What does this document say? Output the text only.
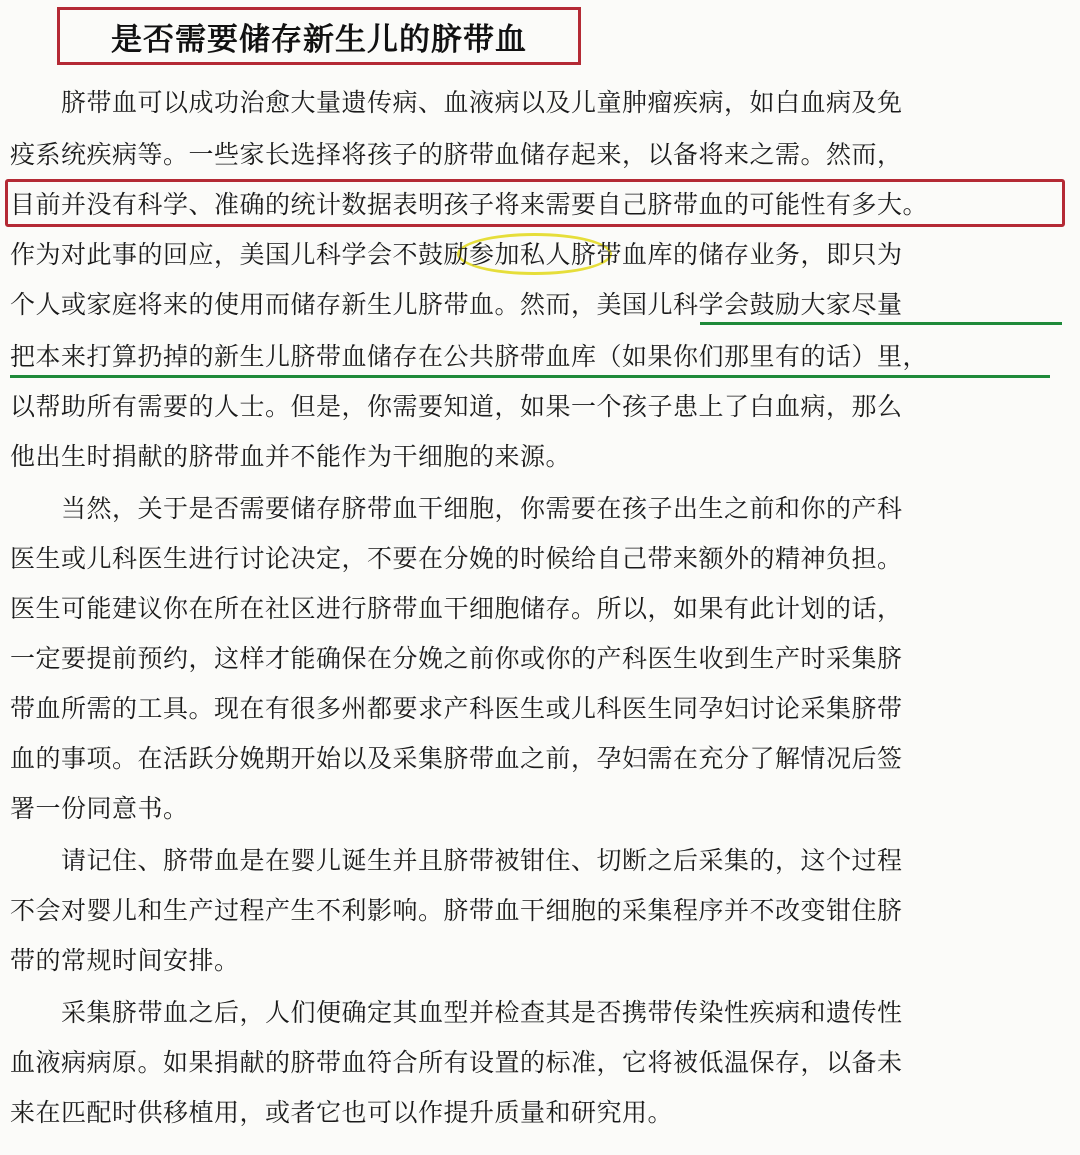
是否需要储存新生儿的脐带血
　　脐带血可以成功治愈大量遗传病、血液病以及儿童肿瘤疾病，如白血病及免
疫系统疾病等。一些家长选择将孩子的脐带血储存起来，以备将来之需。然而，
目前并没有科学、准确的统计数据表明孩子将来需要自己脐带血的可能性有多大。
作为对此事的回应，美国儿科学会不鼓励参加私人脐带血库的储存业务，即只为
个人或家庭将来的使用而储存新生儿脐带血。然而，美国儿科学会鼓励大家尽量
把本来打算扔掉的新生儿脐带血储存在公共脐带血库（如果你们那里有的话）里，
以帮助所有需要的人士。但是，你需要知道，如果一个孩子患上了白血病，那么
他出生时捐献的脐带血并不能作为干细胞的来源。
　　当然，关于是否需要储存脐带血干细胞，你需要在孩子出生之前和你的产科
医生或儿科医生进行讨论决定，不要在分娩的时候给自己带来额外的精神负担。
医生可能建议你在所在社区进行脐带血干细胞储存。所以，如果有此计划的话，
一定要提前预约，这样才能确保在分娩之前你或你的产科医生收到生产时采集脐
带血所需的工具。现在有很多州都要求产科医生或儿科医生同孕妇讨论采集脐带
血的事项。在活跃分娩期开始以及采集脐带血之前，孕妇需在充分了解情况后签
署一份同意书。
　　请记住、脐带血是在婴儿诞生并且脐带被钳住、切断之后采集的，这个过程
不会对婴儿和生产过程产生不利影响。脐带血干细胞的采集程序并不改变钳住脐
带的常规时间安排。
　　采集脐带血之后，人们便确定其血型并检查其是否携带传染性疾病和遗传性
血液病病原。如果捐献的脐带血符合所有设置的标准，它将被低温保存，以备未
来在匹配时供移植用，或者它也可以作提升质量和研究用。
